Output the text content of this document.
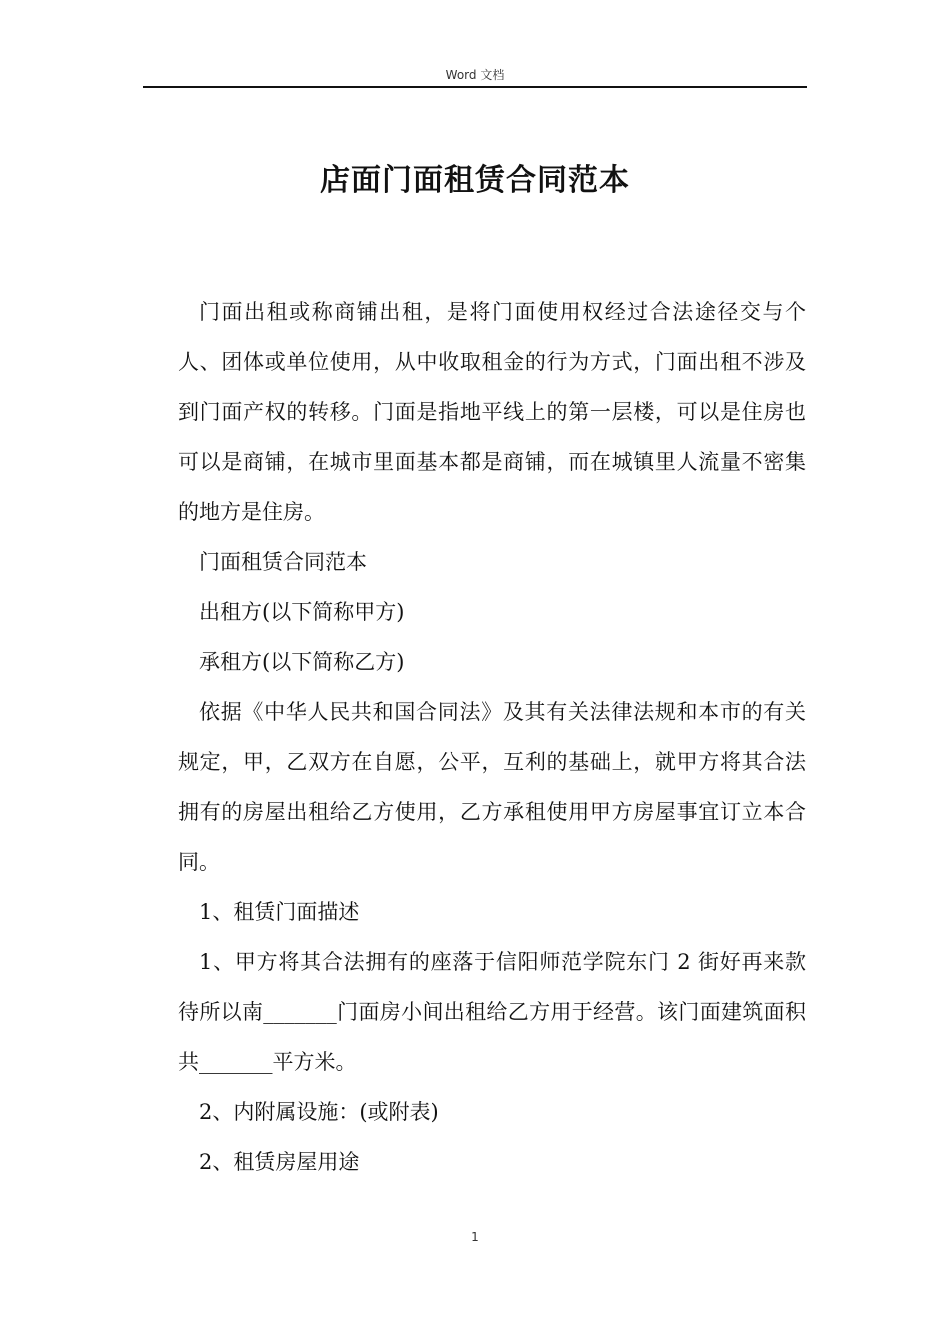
Word 文档
店面门面租赁合同范本

门面出租或称商铺出租，是将门面使用权经过合法途径交与个人、团体或单位使用，从中收取租金的行为方式，门面出租不涉及到门面产权的转移。门面是指地平线上的第一层楼，可以是住房也可以是商铺，在城市里面基本都是商铺，而在城镇里人流量不密集的地方是住房。

门面租赁合同范本

出租方(以下简称甲方)

承租方(以下简称乙方)

依据《中华人民共和国合同法》及其有关法律法规和本市的有关规定，甲，乙双方在自愿，公平，互利的基础上，就甲方将其合法拥有的房屋出租给乙方使用，乙方承租使用甲方房屋事宜订立本合同。

1、租赁门面描述

1、甲方将其合法拥有的座落于信阳师范学院东门 2 街好再来款待所以南_______门面房小间出租给乙方用于经营。该门面建筑面积共_______平方米。

2、内附属设施：(或附表)

2、租赁房屋用途

1
